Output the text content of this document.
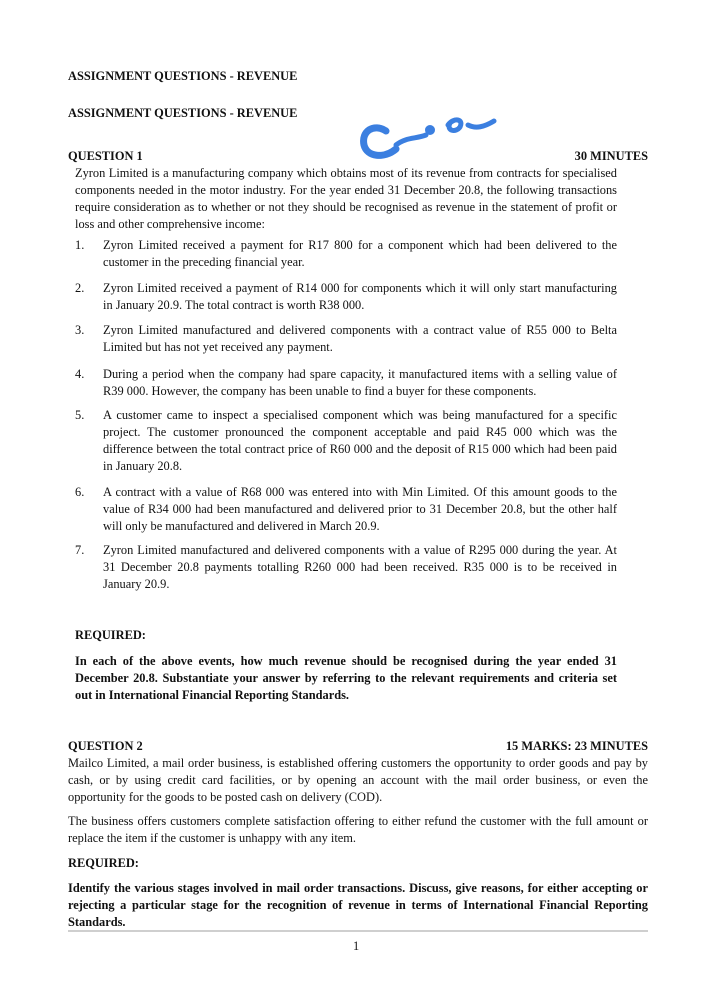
ASSIGNMENT QUESTIONS - REVENUE
ASSIGNMENT QUESTIONS - REVENUE
QUESTION 1	30 MINUTES
Zyron Limited is a manufacturing company which obtains most of its revenue from contracts for specialised components needed in the motor industry. For the year ended 31 December 20.8, the following transactions require consideration as to whether or not they should be recognised as revenue in the statement of profit or loss and other comprehensive income:
1.	Zyron Limited received a payment for R17 800 for a component which had been delivered to the customer in the preceding financial year.
2.	Zyron Limited received a payment of R14 000 for components which it will only start manufacturing in January 20.9. The total contract is worth R38 000.
3.	Zyron Limited manufactured and delivered components with a contract value of R55 000 to Belta Limited but has not yet received any payment.
4.	During a period when the company had spare capacity, it manufactured items with a selling value of R39 000. However, the company has been unable to find a buyer for these components.
5.	A customer came to inspect a specialised component which was being manufactured for a specific project. The customer pronounced the component acceptable and paid R45 000 which was the difference between the total contract price of R60 000 and the deposit of R15 000 which had been paid in January 20.8.
6.	A contract with a value of R68 000 was entered into with Min Limited. Of this amount goods to the value of R34 000 had been manufactured and delivered prior to 31 December 20.8, but the other half will only be manufactured and delivered in March 20.9.
7.	Zyron Limited manufactured and delivered components with a value of R295 000 during the year. At 31 December 20.8 payments totalling R260 000 had been received. R35 000 is to be received in January 20.9.
REQUIRED:
In each of the above events, how much revenue should be recognised during the year ended 31 December 20.8. Substantiate your answer by referring to the relevant requirements and criteria set out in International Financial Reporting Standards.
QUESTION 2	15 MARKS: 23 MINUTES
Mailco Limited, a mail order business, is established offering customers the opportunity to order goods and pay by cash, or by using credit card facilities, or by opening an account with the mail order business, or even the opportunity for the goods to be posted cash on delivery (COD).
The business offers customers complete satisfaction offering to either refund the customer with the full amount or replace the item if the customer is unhappy with any item.
REQUIRED:
Identify the various stages involved in mail order transactions. Discuss, give reasons, for either accepting or rejecting a particular stage for the recognition of revenue in terms of International Financial Reporting Standards.
1
